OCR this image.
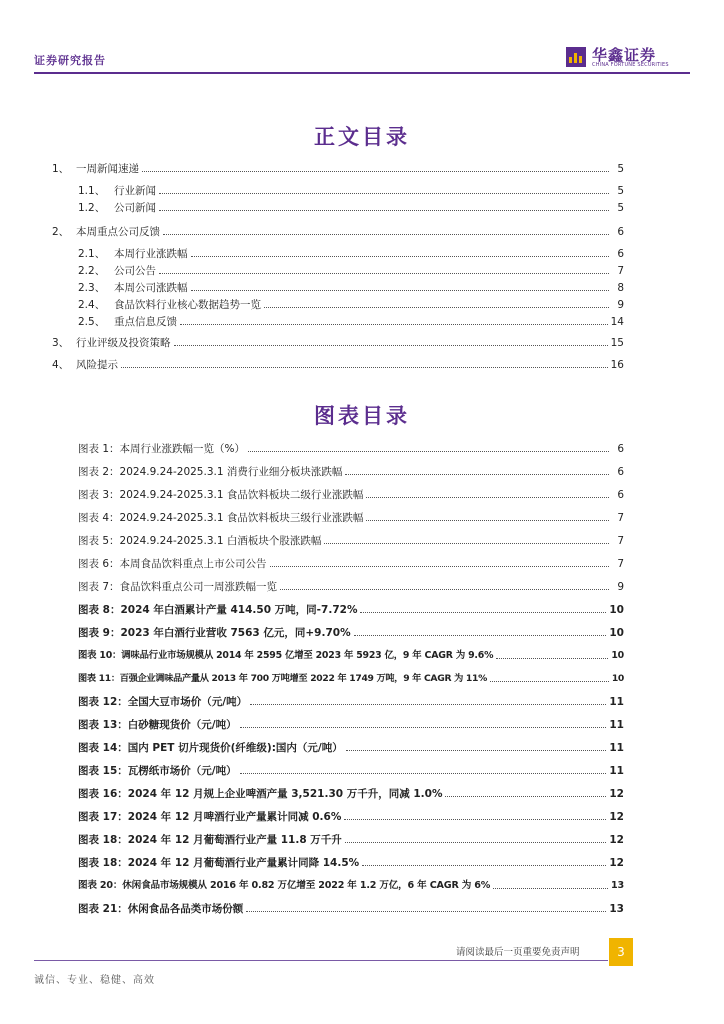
证券研究报告	华鑫证券
CHINA FORTUNE SECURITIES
正文目录
1、 一周新闻速递	5
1.1、 行业新闻	5
1.2、 公司新闻	5
2、 本周重点公司反馈	6
2.1、 本周行业涨跌幅	6
2.2、 公司公告	7
2.3、 本周公司涨跌幅	8
2.4、 食品饮料行业核心数据趋势一览	9
2.5、 重点信息反馈	14
3、 行业评级及投资策略	15
4、 风险提示	16
图表目录
图表 1： 本周行业涨跌幅一览（%）	6
图表 2： 2024.9.24-2025.3.1 消费行业细分板块涨跌幅	6
图表 3： 2024.9.24-2025.3.1 食品饮料板块二级行业涨跌幅	6
图表 4： 2024.9.24-2025.3.1 食品饮料板块三级行业涨跌幅	7
图表 5： 2024.9.24-2025.3.1 白酒板块个股涨跌幅	7
图表 6： 本周食品饮料重点上市公司公告	7
图表 7： 食品饮料重点公司一周涨跌幅一览	9
图表 8： 2024 年白酒累计产量 414.50 万吨，同-7.72%	10
图表 9： 2023 年白酒行业营收 7563 亿元，同+9.70%	10
图表 10： 调味品行业市场规模从 2014 年 2595 亿增至 2023 年 5923 亿，9 年 CAGR 为 9.6%	10
图表 11： 百强企业调味品产量从 2013 年 700 万吨增至 2022 年 1749 万吨，9 年 CAGR 为 11%	10
图表 12： 全国大豆市场价（元/吨）	11
图表 13： 白砂糖现货价（元/吨）	11
图表 14： 国内 PET 切片现货价(纤维级):国内（元/吨）	11
图表 15： 瓦楞纸市场价（元/吨）	11
图表 16： 2024 年 12 月规上企业啤酒产量 3,521.30 万千升，同减 1.0%	12
图表 17： 2024 年 12 月啤酒行业产量累计同减 0.6%	12
图表 18： 2024 年 12 月葡萄酒行业产量 11.8 万千升	12
图表 18： 2024 年 12 月葡萄酒行业产量累计同降 14.5%	12
图表 20： 休闲食品市场规模从 2016 年 0.82 万亿增至 2022 年 1.2 万亿，6 年 CAGR 为 6%	13
图表 21： 休闲食品各品类市场份额	13
请阅读最后一页重要免责声明	3
诚信、专业、稳健、高效
